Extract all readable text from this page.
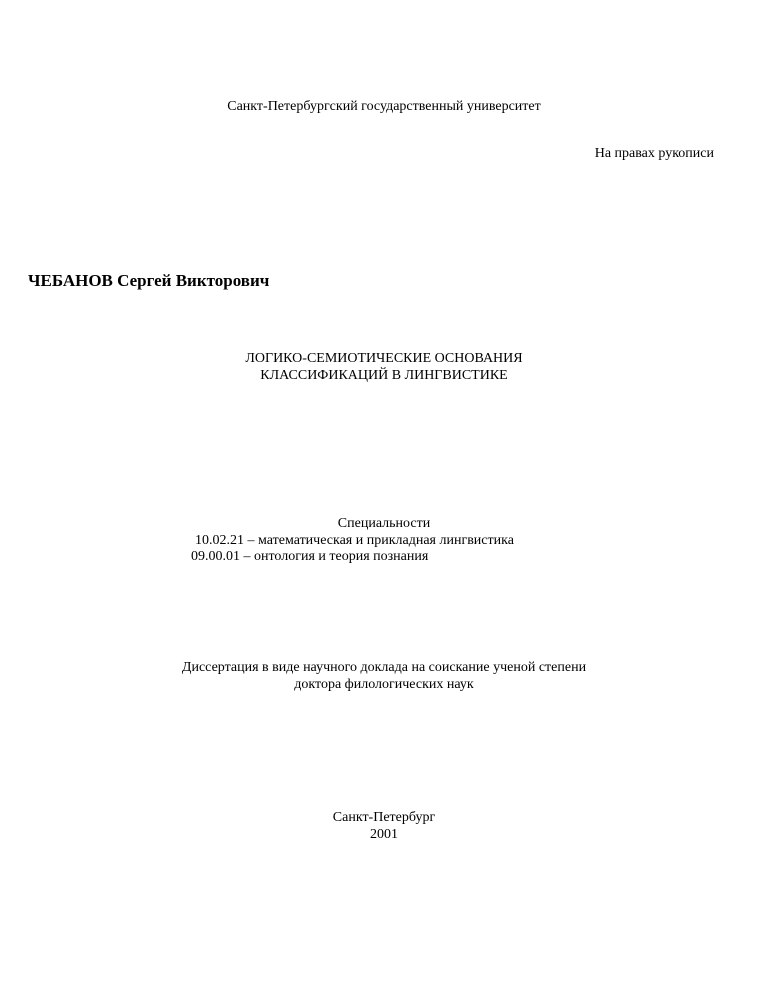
Санкт-Петербургский государственный университет

На правах рукописи

ЧЕБАНОВ Сергей Викторович

ЛОГИКО-СЕМИОТИЧЕСКИЕ ОСНОВАНИЯ

КЛАССИФИКАЦИЙ В ЛИНГВИСТИКЕ

Специальности

10.02.21 – математическая и прикладная лингвистика

09.00.01 – онтология и теория познания

Диссертация в виде научного доклада на соискание ученой степени

доктора филологических наук

Санкт-Петербург

2001
